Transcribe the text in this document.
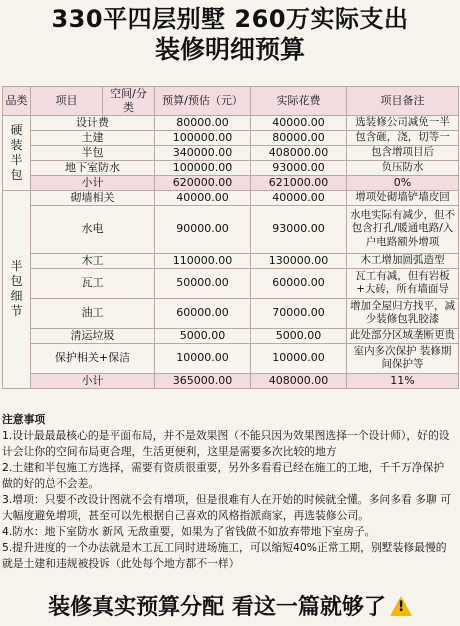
330平四层别墅 260万实际支出
装修明细预算
品类	项目	空间/分类	预算/预估（元）	实际花费	项目备注
硬装半包	设计费		80000.00	40000.00	选装修公司减免一半
	土建		100000.00	80000.00	包含砸，浇，切等一
	半包		340000.00	408000.00	包含增项目后
	地下室防水		100000.00	93000.00	负压防水
	小计		620000.00	621000.00	0%
半包细节	砌墙相关		40000.00	40000.00	增项处砌墙铲墙皮回
	水电		90000.00	93000.00	水电实际有减少，但不包含打孔/暖通电路/入户电路额外增项
	木工		110000.00	130000.00	木工增加圆弧造型
	瓦工		50000.00	60000.00	瓦工有减，但有岩板+大砖，所有墙面导
	油工		60000.00	70000.00	增加全屋归方找平，减少装修包乳胶漆
	清运垃圾		5000.00	5000.00	此处部分区域垄断更贵
	保护相关+保洁		10000.00	10000.00	室内多次保护 装修期间保护等
	小计		365000.00	408000.00	11%
注意事项
1.设计最最最核心的是平面布局，并不是效果图（不能只因为效果图选择一个设计师），好的设计会让你的空间布局更合理，生活更便利，这里是需要多次比较的地方
2.土建和半包施工方选择，需要有资质很重要，另外多看看已经在施工的工地，千千万净保护做的好的总不会差。
3.增项：只要不改设计图就不会有增项，但是很难有人在开始的时候就全懂。多问多看 多聊 可大幅度避免增项，甚至可以先根据自己喜欢的风格指派商家，再选装修公司。
4.防水：地下室防水 新风 无敌重要，如果为了省钱做不如放弃带地下室房子。
5.提升进度的一个办法就是木工瓦工同时进场施工，可以缩短40%正常工期，别墅装修最慢的就是土建和违规被投诉（此处每个地方都不一样）
装修真实预算分配 看这一篇就够了!
